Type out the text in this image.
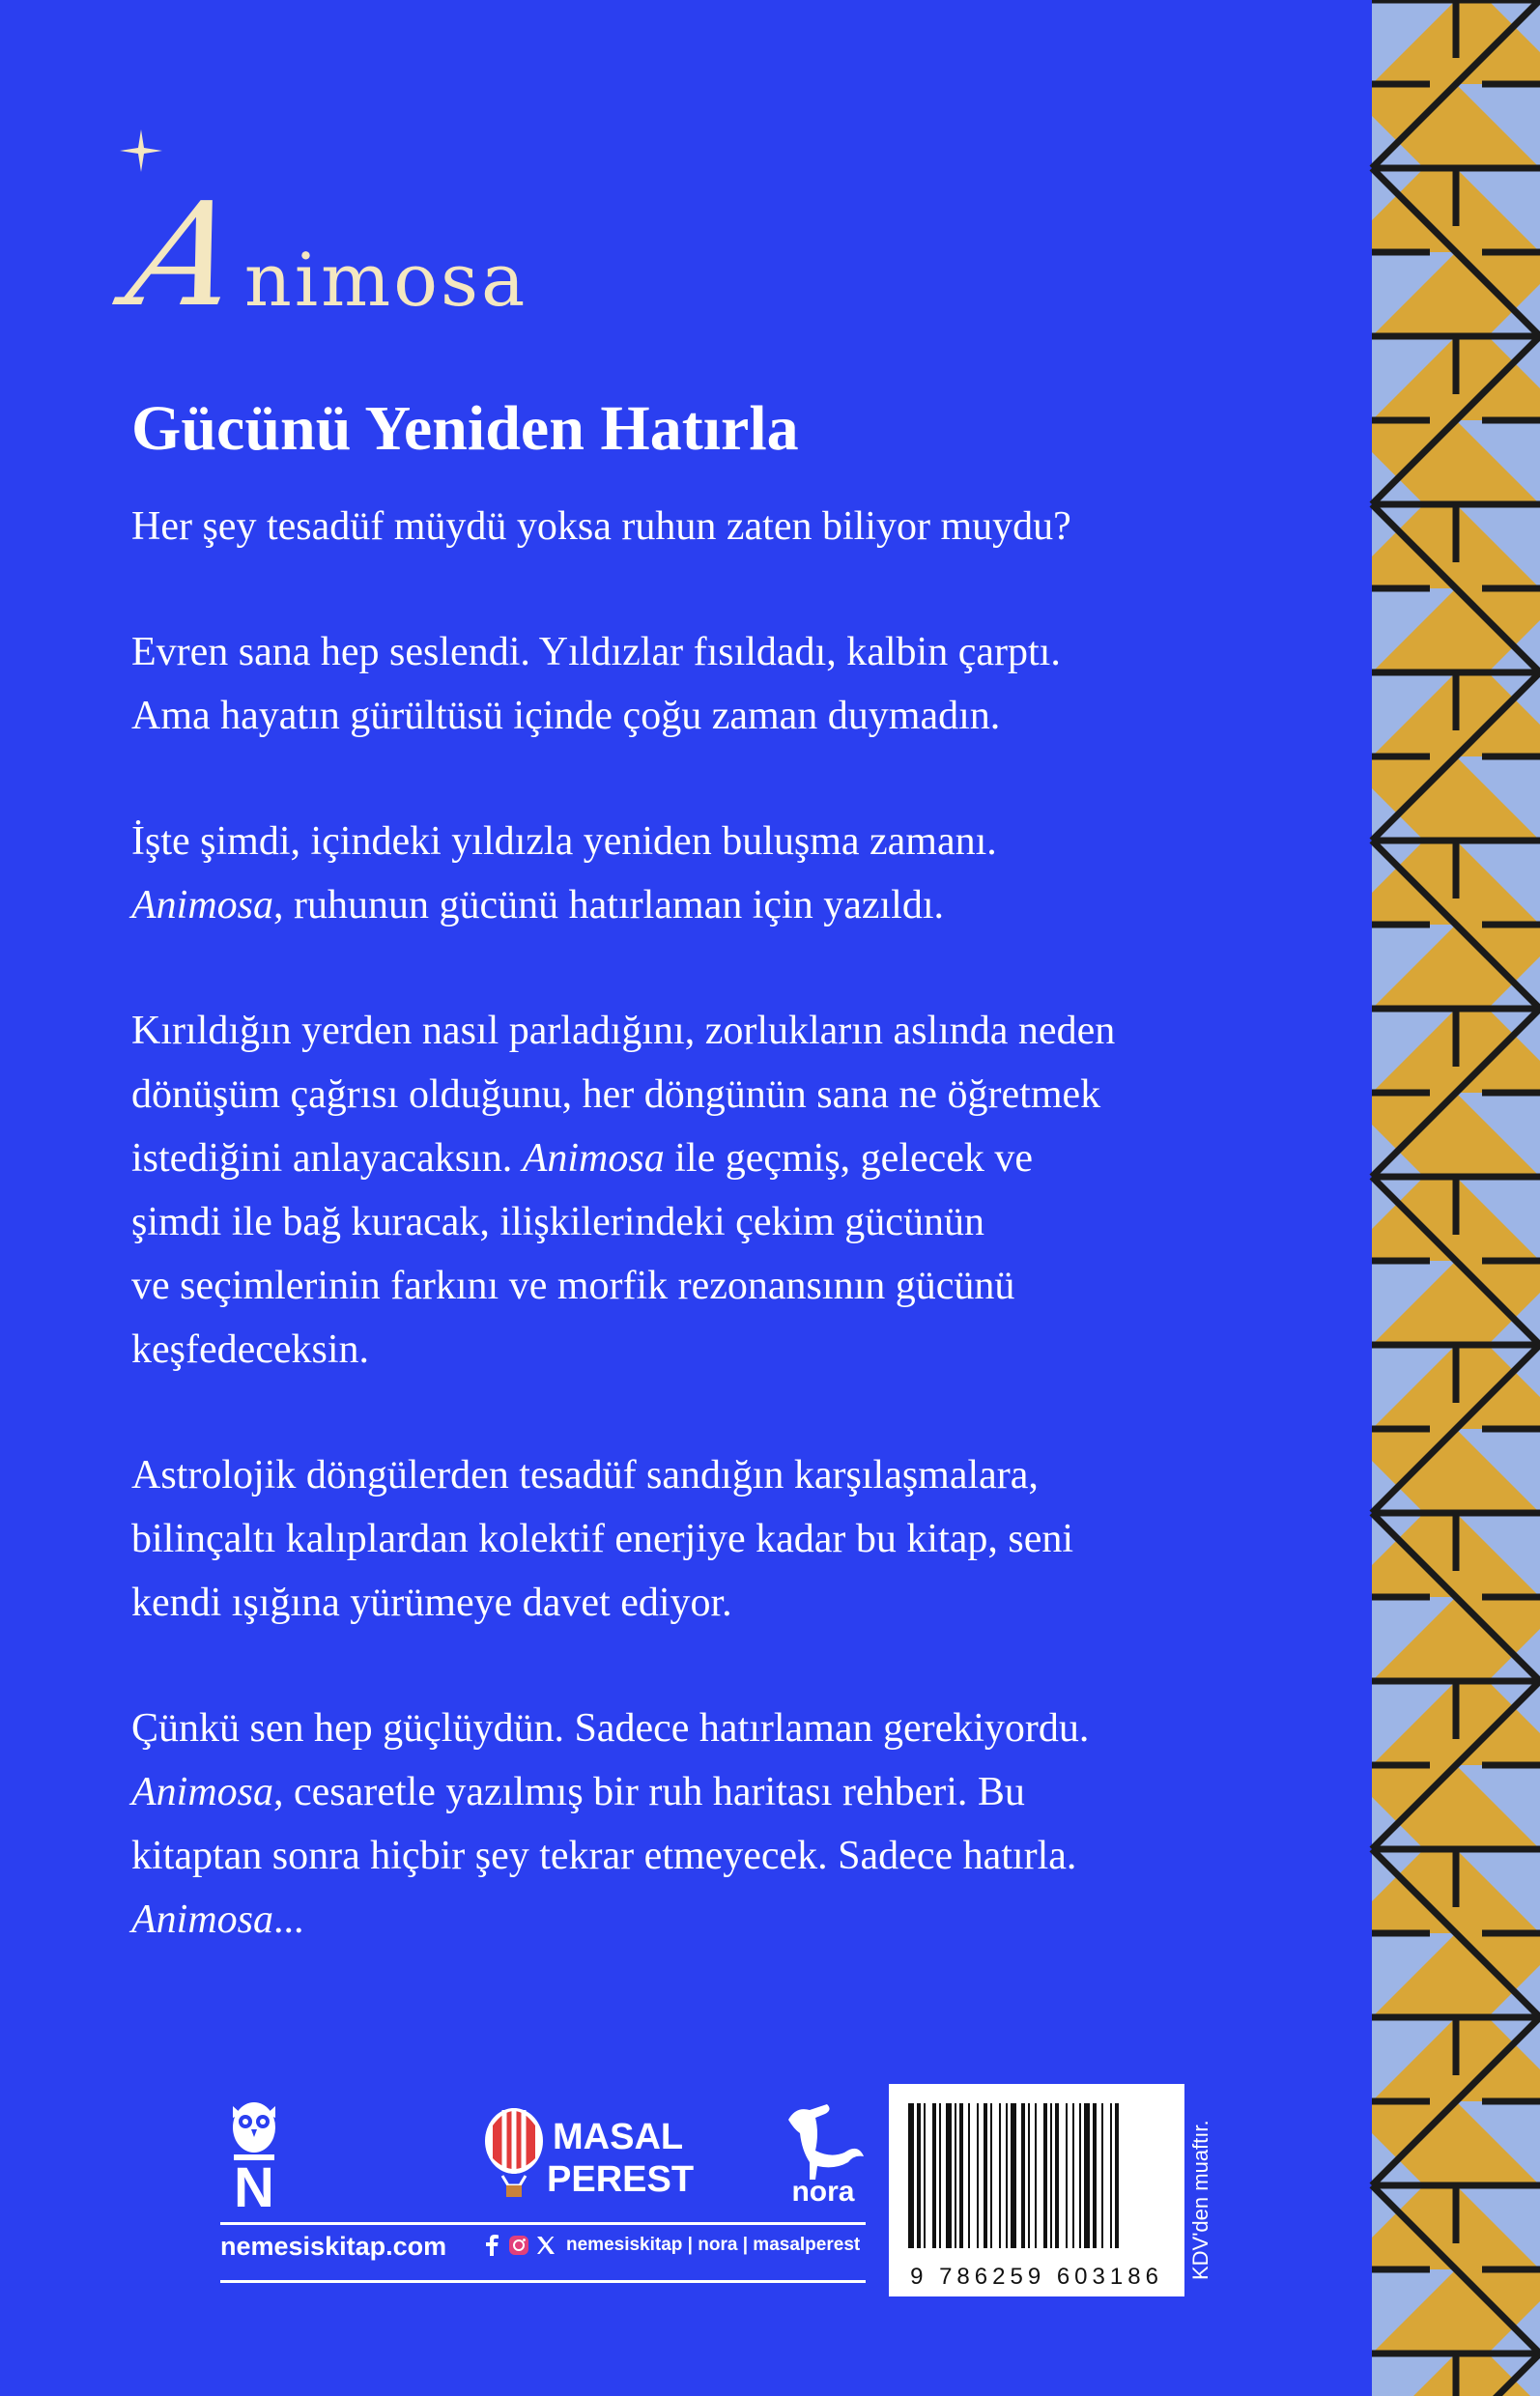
A
nimosa
Gücünü Yeniden Hatırla

Her şey tesadüf müydü yoksa ruhun zaten biliyor muydu?

Evren sana hep seslendi. Yıldızlar fısıldadı, kalbin çarptı.
Ama hayatın gürültüsü içinde çoğu zaman duymadın.

İşte şimdi, içindeki yıldızla yeniden buluşma zamanı.
Animosa, ruhunun gücünü hatırlaman için yazıldı.

Kırıldığın yerden nasıl parladığını, zorlukların aslında neden
dönüşüm çağrısı olduğunu, her döngünün sana ne öğretmek
istediğini anlayacaksın. Animosa ile geçmiş, gelecek ve
şimdi ile bağ kuracak, ilişkilerindeki çekim gücünün
ve seçimlerinin farkını ve morfik rezonansının gücünü
keşfedeceksin.

Astrolojik döngülerden tesadüf sandığın karşılaşmalara,
bilinçaltı kalıplardan kolektif enerjiye kadar bu kitap, seni
kendi ışığına yürümeye davet ediyor.

Çünkü sen hep güçlüydün. Sadece hatırlaman gerekiyordu.
Animosa, cesaretle yazılmış bir ruh haritası rehberi. Bu
kitaptan sonra hiçbir şey tekrar etmeyecek. Sadece hatırla.
Animosa...

N
MASAL
PEREST	nora
nemesiskitap.com	nemesiskitap | nora | masalperest
9 786259 603186	KDV'den muaftır.
